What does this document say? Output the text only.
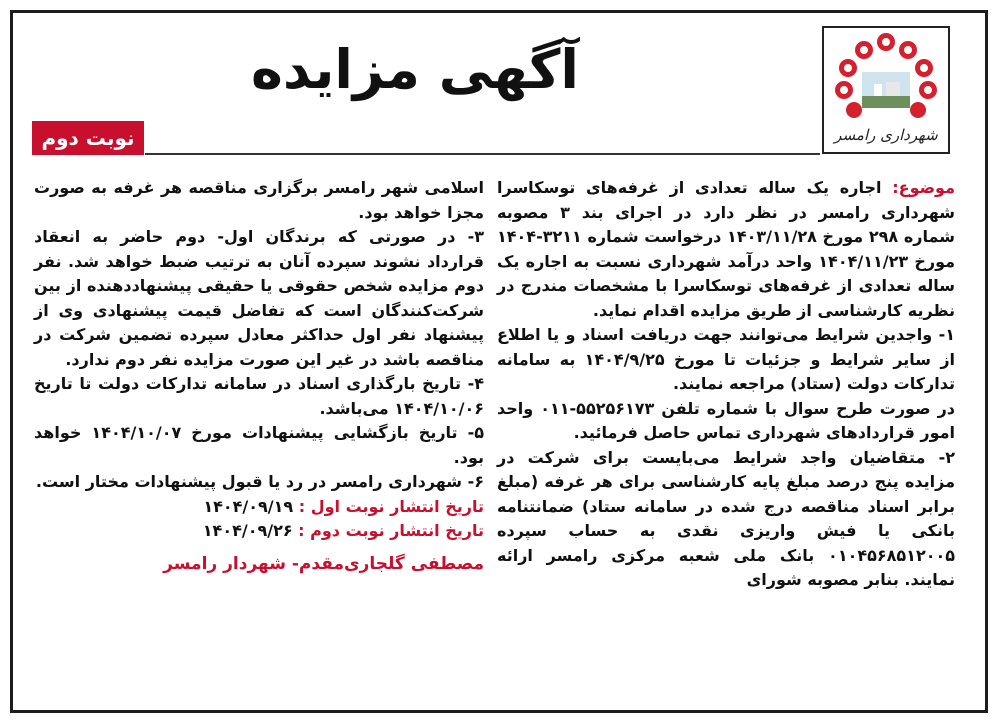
شهرداری رامسر
آگهی مزایده
نوبت دوم

موضوع: اجاره یک ساله تعدادی از غرفه‌های توسکاسرا شهرداری رامسر در نظر دارد در اجرای بند ۳ مصوبه شماره ۲۹۸ مورخ ۱۴۰۳/۱۱/۲۸ درخواست شماره ۳۲۱۱-۱۴۰۴ مورخ ۱۴۰۴/۱۱/۲۳ واحد درآمد شهرداری نسبت به اجاره یک ساله تعدادی از غرفه‌های توسکاسرا با مشخصات مندرج در نظریه کارشناسی از طریق مزایده اقدام نماید.

۱- واجدین شرایط می‌توانند جهت دریافت اسناد و یا اطلاع از سایر شرایط و جزئیات تا مورخ ۱۴۰۴/۹/۲۵ به سامانه تدارکات دولت (ستاد) مراجعه نمایند.

در صورت طرح سوال با شماره تلفن ۵۵۲۵۶۱۷۳-۰۱۱ واحد امور قراردادهای شهرداری تماس حاصل فرمائید.

۲- متقاضیان واجد شرایط می‌بایست برای شرکت در مزایده پنج درصد مبلغ پایه کارشناسی برای هر غرفه (مبلغ برابر اسناد مناقصه درج شده در سامانه ستاد) ضمانتنامه بانکی یا فیش واریزی نقدی به حساب سپرده ۰۱۰۴۵۶۸۵۱۲۰۰۵ بانک ملی شعبه مرکزی رامسر ارائه نمایند. بنابر مصوبه شورای

اسلامی شهر رامسر برگزاری مناقصه هر غرفه به صورت مجزا خواهد بود.

۳- در صورتی که برندگان اول- دوم حاضر به انعقاد قرارداد نشوند سپرده آنان به ترتیب ضبط خواهد شد. نفر دوم مزایده شخص حقوقی یا حقیقی پیشنهاددهنده از بین شرکت‌کنندگان است که تفاضل قیمت پیشنهادی وی از پیشنهاد نفر اول حداکثر معادل سپرده تضمین شرکت در مناقصه باشد در غیر این صورت مزایده نفر دوم ندارد.

۴- تاریخ بارگذاری اسناد در سامانه تدارکات دولت تا تاریخ ۱۴۰۴/۱۰/۰۶ می‌باشد.

۵- تاریخ بازگشایی پیشنهادات مورخ ۱۴۰۴/۱۰/۰۷ خواهد بود.

۶- شهرداری رامسر در رد یا قبول پیشنهادات مختار است.

تاریخ انتشار نوبت اول : ۱۴۰۴/۰۹/۱۹

تاریخ انتشار نوبت دوم : ۱۴۰۴/۰۹/۲۶

مصطفی گلجاری‌مقدم- شهردار رامسر
